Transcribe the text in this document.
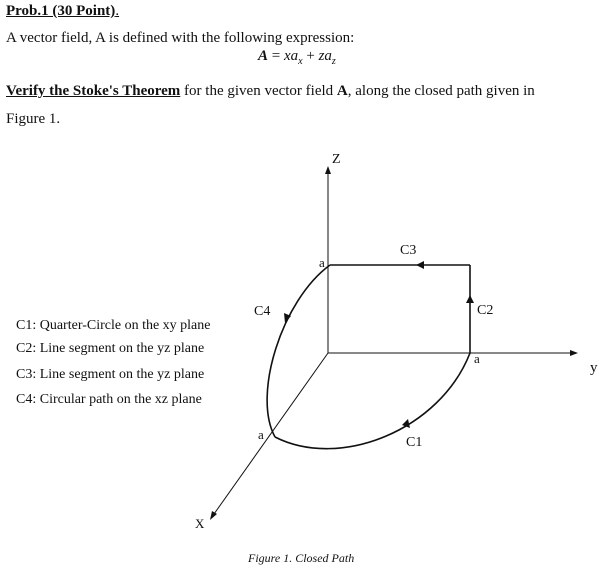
Prob.1 (30 Point).
A vector field, A is defined with the following expression:
$A = xa_x + za_z$
Verify the Stoke's Theorem for the given vector field A, along the closed path given in
Figure 1.
Z
y
X
C3
C2
C4
C1
a
a
a
C1: Quarter-Circle on the xy plane
C2: Line segment on the yz plane
C3: Line segment on the yz plane
C4: Circular path on the xz plane
Figure 1. Closed Path
